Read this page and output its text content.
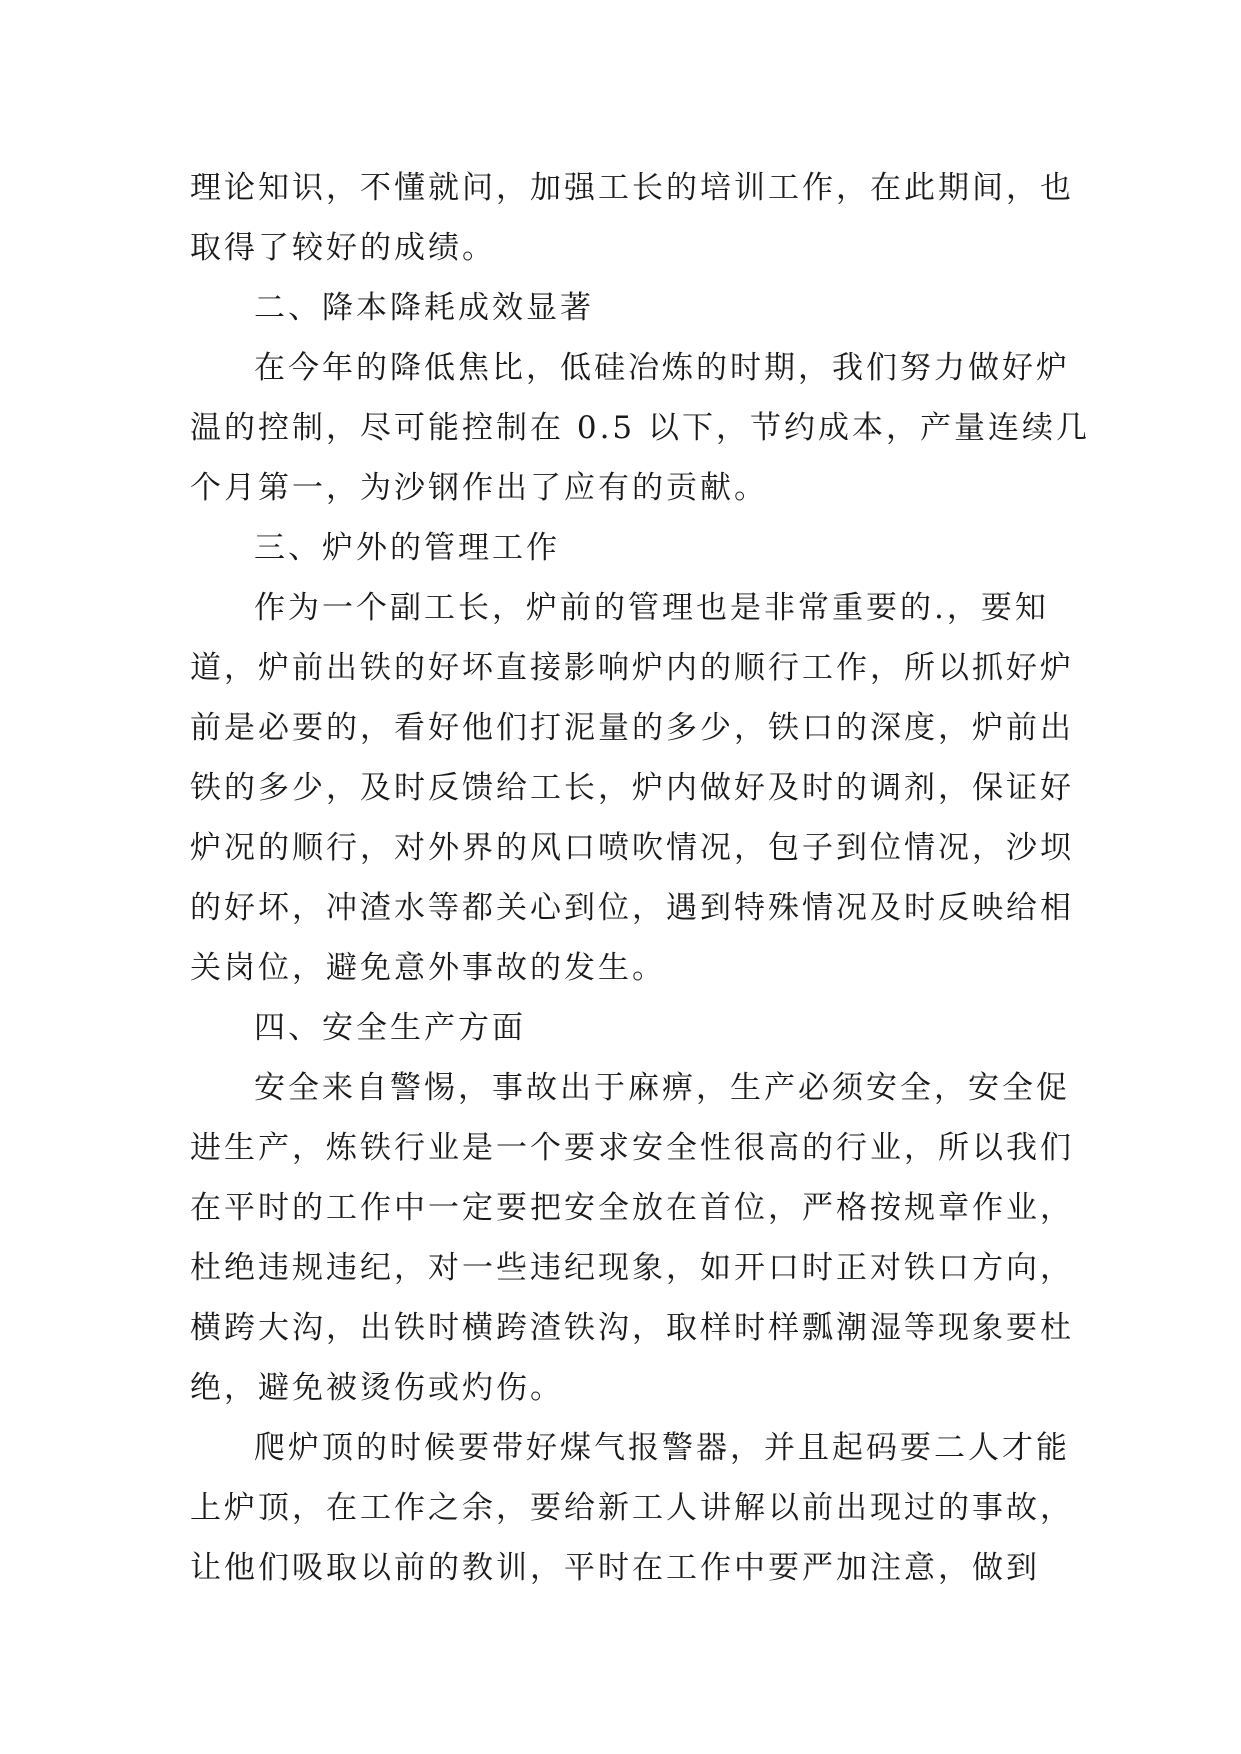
理论知识，不懂就问，加强工长的培训工作，在此期间，也
取得了较好的成绩。
二、降本降耗成效显著
在今年的降低焦比，低硅冶炼的时期，我们努力做好炉
温的控制，尽可能控制在 0.5 以下，节约成本，产量连续几
个月第一，为沙钢作出了应有的贡献。
三、炉外的管理工作
作为一个副工长，炉前的管理也是非常重要的.，要知
道，炉前出铁的好坏直接影响炉内的顺行工作，所以抓好炉
前是必要的，看好他们打泥量的多少，铁口的深度，炉前出
铁的多少，及时反馈给工长，炉内做好及时的调剂，保证好
炉况的顺行，对外界的风口喷吹情况，包子到位情况，沙坝
的好坏，冲渣水等都关心到位，遇到特殊情况及时反映给相
关岗位，避免意外事故的发生。
四、安全生产方面
安全来自警惕，事故出于麻痹，生产必须安全，安全促
进生产，炼铁行业是一个要求安全性很高的行业，所以我们
在平时的工作中一定要把安全放在首位，严格按规章作业，
杜绝违规违纪，对一些违纪现象，如开口时正对铁口方向，
横跨大沟，出铁时横跨渣铁沟，取样时样瓢潮湿等现象要杜
绝，避免被烫伤或灼伤。
爬炉顶的时候要带好煤气报警器，并且起码要二人才能
上炉顶，在工作之余，要给新工人讲解以前出现过的事故，
让他们吸取以前的教训，平时在工作中要严加注意，做到
